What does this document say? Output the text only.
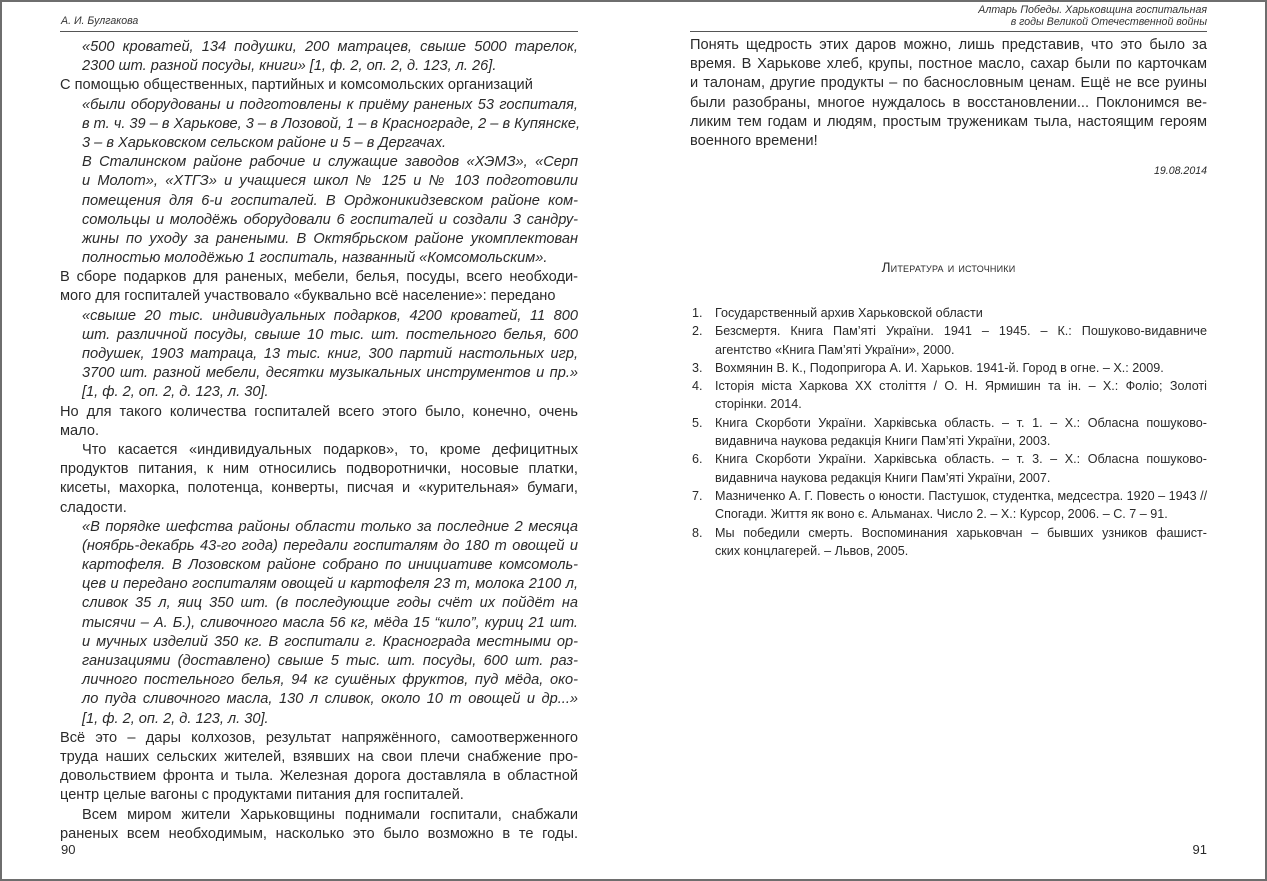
А. И. Булгакова
«500 кроватей, 134 подушки, 200 матрацев, свыше 5000 тарелок,
2300 шт. разной посуды, книги» [1, ф. 2, оп. 2, д. 123, л. 26].
С помощью общественных, партийных и комсомольских организаций
«были оборудованы и подготовлены к приёму раненых 53 госпиталя,
в т. ч. 39 – в Харькове, 3 – в Лозовой, 1 – в Краснограде, 2 – в Купянске,
3 – в Харьковском сельском районе и 5 – в Дергачах.
В Сталинском районе рабочие и служащие заводов «ХЭМЗ», «Серп
и Молот», «ХТГЗ» и учащиеся школ № 125 и № 103 подготовили
помещения для 6-и госпиталей. В Орджоникидзевском районе ком-
сомольцы и молодёжь оборудовали 6 госпиталей и создали 3 сандру-
жины по уходу за ранеными. В Октябрьском районе укомплектован
полностью молодёжью 1 госпиталь, названный «Комсомольским».
В сборе подарков для раненых, мебели, белья, посуды, всего необходи-
мого для госпиталей участвовало «буквально всё население»: передано
«свыше 20 тыс. индивидуальных подарков, 4200 кроватей, 11 800
шт. различной посуды, свыше 10 тыс. шт. постельного белья, 600
подушек, 1903 матраца, 13 тыс. книг, 300 партий настольных игр,
3700 шт. разной мебели, десятки музыкальных инструментов и пр.»
[1, ф. 2, оп. 2, д. 123, л. 30].
Но для такого количества госпиталей всего этого было, конечно, очень
мало.
Что касается «индивидуальных подарков», то, кроме дефицитных
продуктов питания, к ним относились подворотнички, носовые платки,
кисеты, махорка, полотенца, конверты, писчая и «курительная» бумаги,
сладости.
«В порядке шефства районы области только за последние 2 месяца
(ноябрь-декабрь 43-го года) передали госпиталям до 180 т овощей и
картофеля. В Лозовском районе собрано по инициативе комсомоль-
цев и передано госпиталям овощей и картофеля 23 т, молока 2100 л,
сливок 35 л, яиц 350 шт. (в последующие годы счёт их пойдёт на
тысячи – А. Б.), сливочного масла 56 кг, мёда 15 “кило”, куриц 21 шт.
и мучных изделий 350 кг. В госпитали г. Краснограда местными ор-
ганизациями (доставлено) свыше 5 тыс. шт. посуды, 600 шт. раз-
личного постельного белья, 94 кг сушёных фруктов, пуд мёда, око-
ло пуда сливочного масла, 130 л сливок, около 10 т овощей и др...»
[1, ф. 2, оп. 2, д. 123, л. 30].
Всё это – дары колхозов, результат напряжённого, самоотверженного
труда наших сельских жителей, взявших на свои плечи снабжение про-
довольствием фронта и тыла. Железная дорога доставляла в областной
центр целые вагоны с продуктами питания для госпиталей.
Всем миром жители Харьковщины поднимали госпитали, снабжали
раненых всем необходимым, насколько это было возможно в те годы.
90
Алтарь Победы. Харьковщина госпитальная
в годы Великой Отечественной войны
Понять щедрость этих даров можно, лишь представив, что это было за
время. В Харькове хлеб, крупы, постное масло, сахар были по карточкам
и талонам, другие продукты – по баснословным ценам. Ещё не все руины
были разобраны, многое нуждалось в восстановлении... Поклонимся ве-
ликим тем годам и людям, простым труженикам тыла, настоящим героям
военного времени!
19.08.2014
Литература и источники
1. Государственный архив Харьковской области
2. Безсмертя. Книга Пам’яті України. 1941 – 1945. – К.: Пошуково-видавниче
агентство «Книга Пам’яті України», 2000.
3. Вохмянин В. К., Подопригора А. И. Харьков. 1941-й. Город в огне. – Х.: 2009.
4. Історія міста Харкова ХХ століття / О. Н. Ярмишин та ін. – Х.: Фоліо; Золоті
сторінки. 2014.
5. Книга Скорботи України. Харківська область. – т. 1. – Х.: Обласна пошуково-
видавнича наукова редакція Книги Пам’яті України, 2003.
6. Книга Скорботи України. Харківська область. – т. 3. – Х.: Обласна пошуково-
видавнича наукова редакція Книги Пам’яті України, 2007.
7. Мазниченко А. Г. Повесть о юности. Пастушок, студентка, медсестра. 1920 – 1943 //
Спогади. Життя як воно є. Альманах. Число 2. – Х.: Курсор, 2006. – С. 7 – 91.
8. Мы победили смерть. Воспоминания харьковчан – бывших узников фашист-
ских концлагерей. – Львов, 2005.
91
